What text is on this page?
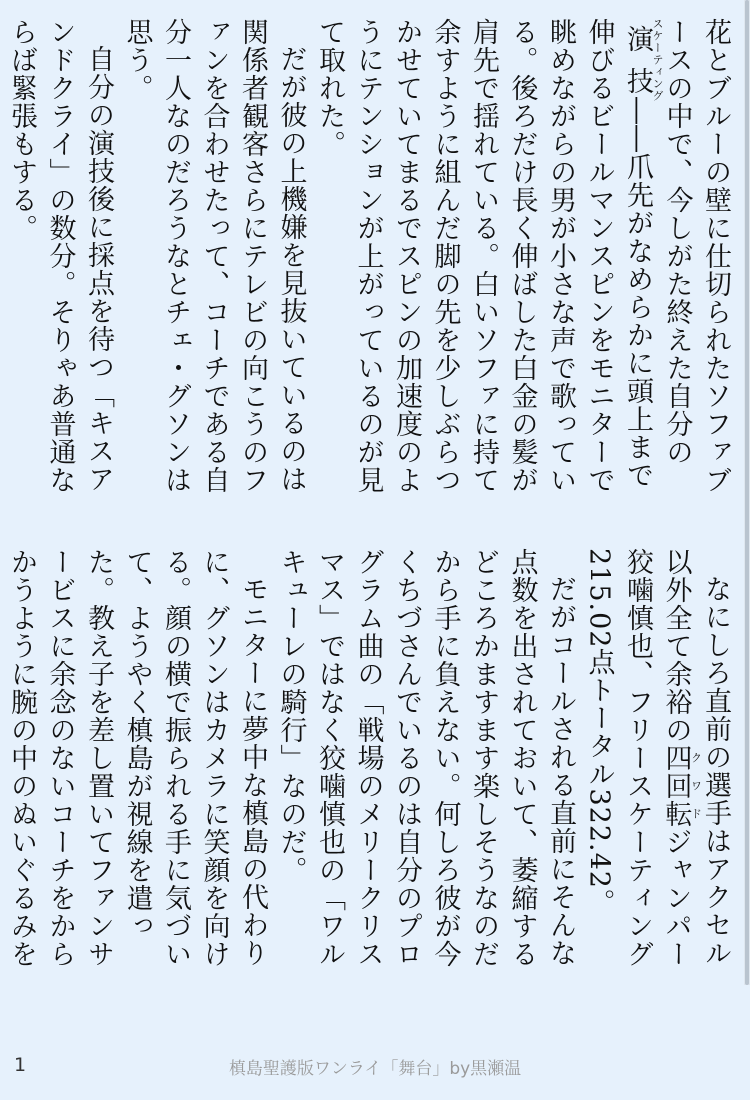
花とブルーの壁に仕切られたソファブースの中で、今しがた終えた自分の演技スケーティング――爪先がなめらかに頭上まで伸びるビールマンスピンをモニターで眺めながらの男が小さな声で歌っている。後ろだけ長く伸ばした白金の髪が肩先で揺れている。白いソファに持て余すように組んだ脚の先を少しぶらつかせていてまるでスピンの加速度のようにテンションが上がっているのが見て取れた。

だが彼の上機嫌を見抜いているのは関係者観客さらにテレビの向こうのファンを合わせたって、コーチである自分一人なのだろうなとチェ・グソンは思う。

自分の演技後に採点を待つ「キスアンドクライ」の数分。そりゃあ普通ならば緊張もする。

なにしろ直前の選手はアクセル以外全て余裕の四回転クワドジャンパー狡噛慎也、フリースケーティング215.02点トータル322.42。

だがコールされる直前にそんな点数を出されておいて、萎縮するどころかますます楽しそうなのだから手に負えない。何しろ彼が今くちづさんでいるのは自分のプログラム曲の「戦場のメリークリスマス」ではなく狡噛慎也の「ワルキューレの騎行」なのだ。

モニターに夢中な槙島の代わりに、グソンはカメラに笑顔を向ける。顔の横で振られる手に気づいて、ようやく槙島が視線を遣った。教え子を差し置いてファンサービスに余念のないコーチをからかうように腕の中のぬいぐるみを

1	槙島聖護版ワンライ「舞台」by黒瀬温
